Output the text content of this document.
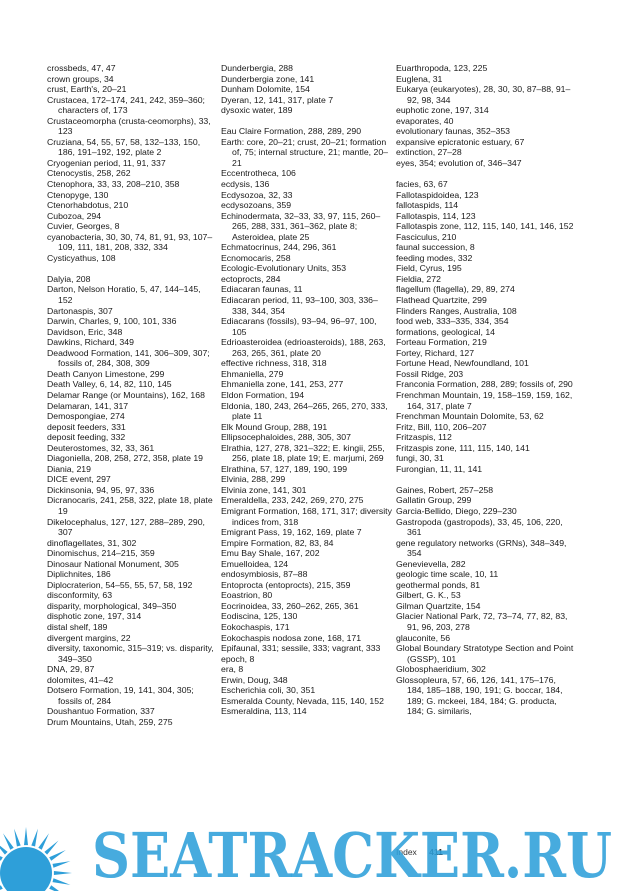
crossbeds, 47, 47
crown groups, 34
crust, Earth's, 20–21
Crustacea, 172–174, 241, 242, 359–360; characters of, 173
Crustaceomorpha (crusta-ceomorphs), 33, 123
Cruziana, 54, 55, 57, 58, 132–133, 150, 186, 191–192, 192, plate 2
Cryogenian period, 11, 91, 337
Ctenocystis, 258, 262
Ctenophora, 33, 33, 208–210, 358
Ctenopyge, 130
Ctenorhabdotus, 210
Cubozoa, 294
Cuvier, Georges, 8
cyanobacteria, 30, 30, 74, 81, 91, 93, 107–109, 111, 181, 208, 332, 334
Cysticyathus, 108
Dalyia, 208
Darton, Nelson Horatio, 5, 47, 144–145, 152
Dartonaspis, 307
Darwin, Charles, 9, 100, 101, 336
Davidson, Eric, 348
Dawkins, Richard, 349
Deadwood Formation, 141, 306–309, 307; fossils of, 284, 308, 309
Death Canyon Limestone, 299
Death Valley, 6, 14, 82, 110, 145
Delamar Range (or Mountains), 162, 168
Delamaran, 141, 317
Demospongiae, 274
deposit feeders, 331
deposit feeding, 332
Deuterostomes, 32, 33, 361
Diagoniella, 208, 258, 272, 358, plate 19
Diania, 219
DICE event, 297
Dickinsonia, 94, 95, 97, 336
Dicranocaris, 241, 258, 322, plate 18, plate 19
Dikelocephalus, 127, 127, 288–289, 290, 307
dinoflagellates, 31, 302
Dinomischus, 214–215, 359
Dinosaur National Monument, 305
Diplichnites, 186
Diplocraterion, 54–55, 55, 57, 58, 192
disconformity, 63
disparity, morphological, 349–350
disphotic zone, 197, 314
distal shelf, 189
divergent margins, 22
diversity, taxonomic, 315–319; vs. disparity, 349–350
DNA, 29, 87
dolomites, 41–42
Dotsero Formation, 19, 141, 304, 305; fossils of, 284
Doushantuo Formation, 337
Drum Mountains, Utah, 259, 275
Dunderbergia, 288
Dunderbergia zone, 141
Dunham Dolomite, 154
Dyeran, 12, 141, 317, plate 7
dysoxic water, 189
Eau Claire Formation, 288, 289, 290
Earth: core, 20–21; crust, 20–21; formation of, 75; internal structure, 21; mantle, 20–21
Eccentrotheca, 106
ecdysis, 136
Ecdysozoa, 32, 33
ecdysozoans, 359
Echinodermata, 32–33, 33, 97, 115, 260–265, 288, 331, 361–362, plate 8; Asteroidea, plate 25
Echmatocrinus, 244, 296, 361
Ecnomocaris, 258
Ecologic-Evolutionary Units, 353
ectoprocts, 284
Ediacaran faunas, 11
Ediacaran period, 11, 93–100, 303, 336–338, 344, 354
Ediacarans (fossils), 93–94, 96–97, 100, 105
Edrioasteroidea (edrioasteroids), 188, 263, 263, 265, 361, plate 20
effective richness, 318, 318
Ehmaniella, 279
Ehmaniella zone, 141, 253, 277
Eldon Formation, 194
Eldonia, 180, 243, 264–265, 265, 270, 333, plate 11
Elk Mound Group, 288, 191
Ellipsocephaloides, 288, 305, 307
Elrathia, 127, 278, 321–322; E. kingii, 255, 256, plate 18, plate 19; E. marjumi, 269
Elrathina, 57, 127, 189, 190, 199
Elvinia, 288, 299
Elvinia zone, 141, 301
Emeraldella, 233, 242, 269, 270, 275
Emigrant Formation, 168, 171, 317; diversity indices from, 318
Emigrant Pass, 19, 162, 169, plate 7
Empire Formation, 82, 83, 84
Emu Bay Shale, 167, 202
Emuelloidea, 124
endosymbiosis, 87–88
Entoprocta (entoprocts), 215, 359
Eoastrion, 80
Eocrinoidea, 33, 260–262, 265, 361
Eodiscina, 125, 130
Eokochaspis, 171
Eokochaspis nodosa zone, 168, 171
Epifaunal, 331; sessile, 333; vagrant, 333
epoch, 8
era, 8
Erwin, Doug, 348
Escherichia coli, 30, 351
Esmeralda County, Nevada, 115, 140, 152
Esmeraldina, 113, 114
Euarthropoda, 123, 225
Euglena, 31
Eukarya (eukaryotes), 28, 30, 30, 87–88, 91–92, 98, 344
euphotic zone, 197, 314
evaporates, 40
evolutionary faunas, 352–353
expansive epicratonic estuary, 67
extinction, 27–28
eyes, 354; evolution of, 346–347
facies, 63, 67
Fallotaspidoidea, 123
fallotaspids, 114
Fallotaspis, 114, 123
Fallotaspis zone, 112, 115, 140, 141, 146, 152
Fasciculus, 210
faunal succession, 8
feeding modes, 332
Field, Cyrus, 195
Fieldia, 272
flagellum (flagella), 29, 89, 274
Flathead Quartzite, 299
Flinders Ranges, Australia, 108
food web, 333–335, 334, 354
formations, geological, 14
Forteau Formation, 219
Fortey, Richard, 127
Fortune Head, Newfoundland, 101
Fossil Ridge, 203
Franconia Formation, 288, 289; fossils of, 290
Frenchman Mountain, 19, 158–159, 159, 162, 164, 317, plate 7
Frenchman Mountain Dolomite, 53, 62
Fritz, Bill, 110, 206–207
Fritzaspis, 112
Fritzaspis zone, 111, 115, 140, 141
fungi, 30, 31
Furongian, 11, 11, 141
Gaines, Robert, 257–258
Gallatin Group, 299
Garcia-Bellido, Diego, 229–230
Gastropoda (gastropods), 33, 45, 106, 220, 361
gene regulatory networks (GRNs), 348–349, 354
Genevievella, 282
geologic time scale, 10, 11
geothermal ponds, 81
Gilbert, G. K., 53
Gilman Quartzite, 154
Glacier National Park, 72, 73–74, 77, 82, 83, 91, 96, 203, 278
glauconite, 56
Global Boundary Stratotype Section and Point (GSSP), 101
Globosphaeridium, 302
Glossopleura, 57, 66, 126, 141, 175–176, 184, 185–188, 190, 191; G. boccar, 184, 189; G. mckeei, 184, 184; G. producta, 184; G. similaris,
Index 411
SEATRACKER.RU
